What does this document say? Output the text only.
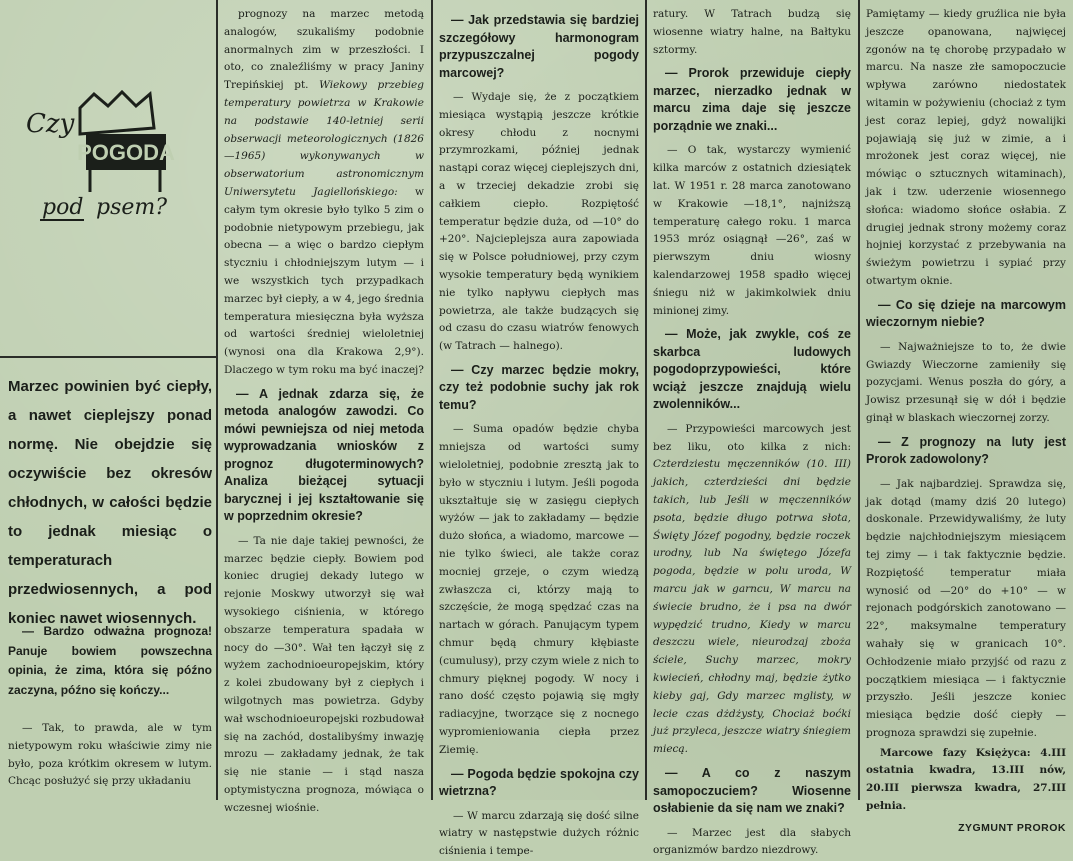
Czy
POGODA
pod psem?
Marzec powinien być ciepły, a nawet cieplejszy ponad normę. Nie obejdzie się oczywiście bez okresów chłodnych, w całości będzie to jednak miesiąc o temperaturach przedwiosennych, a pod koniec nawet wiosennych.

— Bardzo odważna prognoza! Panuje bowiem powszechna opinia, że zima, która się późno zaczyna, późno się kończy...

— Tak, to prawda, ale w tym nietypowym roku właściwie zimy nie było, poza krótkim okresem w lutym. Chcąc posłużyć się przy układaniu

prognozy na marzec metodą analogów, szukaliśmy podobnie anormalnych zim w przeszłości. I oto, co znaleźliśmy w pracy Janiny Trepińskiej pt. Wiekowy przebieg temperatury powietrza w Krakowie na podstawie 140-letniej serii obserwacji meteorologicznych (1826—1965) wykonywanych w obserwatorium astronomicznym Uniwersytetu Jagiellońskiego: w całym tym okresie było tylko 5 zim o podobnie nietypowym przebiegu, jak obecna — a więc o bardzo ciepłym styczniu i chłodniejszym lutym — i we wszystkich tych przypadkach marzec był ciepły, a w 4, jego średnia temperatura miesięczna była wyższa od wartości średniej wieloletniej (wynosi ona dla Krakowa 2,9°). Dlaczego w tym roku ma być inaczej?

— A jednak zdarza się, że metoda analogów zawodzi. Co mówi pewniejsza od niej metoda wyprowadzania wniosków z prognoz długoterminowych? Analiza bieżącej sytuacji barycznej i jej kształtowanie się w poprzednim okresie?

— Ta nie daje takiej pewności, że marzec będzie ciepły. Bowiem pod koniec drugiej dekady lutego w rejonie Moskwy utworzył się wał wysokiego ciśnienia, w którego obszarze temperatura spadała w nocy do —30°. Wał ten łączył się z wyżem zachodnioeuropejskim, który z kolei zbudowany był z ciepłych i wilgotnych mas powietrza. Gdyby wał wschodnioeuropejski rozbudował się na zachód, dostalibyśmy inwazję mrozu — zakładamy jednak, że tak się nie stanie — i stąd nasza optymistyczna prognoza, mówiąca o wczesnej wiośnie.

— Jak przedstawia się bardziej szczegółowy harmonogram przypuszczalnej pogody marcowej?

— Wydaje się, że z początkiem miesiąca wystąpią jeszcze krótkie okresy chłodu z nocnymi przymrozkami, później jednak nastąpi coraz więcej cieplejszych dni, a w trzeciej dekadzie zrobi się całkiem ciepło. Rozpiętość temperatur będzie duża, od —10° do +20°. Najcieplejsza aura zapowiada się w Polsce południowej, przy czym wysokie temperatury będą wynikiem nie tylko napływu ciepłych mas powietrza, ale także budzących się od czasu do czasu wiatrów fenowych (w Tatrach — halnego).

— Czy marzec będzie mokry, czy też podobnie suchy jak rok temu?

— Suma opadów będzie chyba mniejsza od wartości sumy wieloletniej, podobnie zresztą jak to było w styczniu i lutym. Jeśli pogoda ukształtuje się w zasięgu ciepłych wyżów — jak to zakładamy — będzie dużo słońca, a wiadomo, marcowe — nie tylko świeci, ale także coraz mocniej grzeje, o czym wiedzą zwłaszcza ci, którzy mają to szczęście, że mogą spędzać czas na nartach w górach. Panującym typem chmur będą chmury kłębiaste (cumulusy), przy czym wiele z nich to chmury pięknej pogody. W nocy i rano dość często pojawią się mgły radiacyjne, tworzące się z nocnego wypromieniowania ciepła przez Ziemię.

— Pogoda będzie spokojna czy wietrzna?

— W marcu zdarzają się dość silne wiatry w następstwie dużych różnic ciśnienia i tempe-

ratury. W Tatrach budzą się wiosenne wiatry halne, na Bałtyku sztormy.

— Prorok przewiduje ciepły marzec, nierzadko jednak w marcu zima daje się jeszcze porządnie we znaki...

— O tak, wystarczy wymienić kilka marców z ostatnich dziesiątek lat. W 1951 r. 28 marca zanotowano w Krakowie —18,1°, najniższą temperaturę całego roku. 1 marca 1953 mróz osiągnął —26°, zaś w pierwszym dniu wiosny kalendarzowej 1958 spadło więcej śniegu niż w jakimkolwiek dniu minionej zimy.

— Może, jak zwykle, coś ze skarbca ludowych pogodoprzypowieści, które wciąż jeszcze znajdują wielu zwolenników...

— Przypowieści marcowych jest bez liku, oto kilka z nich: Czterdziestu męczenników (10. III) jakich, czterdzieści dni będzie takich, lub Jeśli w męczenników psota, będzie długo potrwa słota, Święty Józef pogodny, będzie roczek urodny, lub Na świętego Józefa pogoda, będzie w polu uroda, W marcu jak w garncu, W marcu na świecie brudno, że i psa na dwór wypędzić trudno, Kiedy w marcu deszczu wiele, nieurodzaj zboża ściele, Suchy marzec, mokry kwiecień, chłodny maj, będzie żytko kieby gaj, Gdy marzec mglisty, w lecie czas dżdżysty, Chociaż boćki już przyleca, jeszcze wiatry śniegiem miecą.

— A co z naszym samopoczuciem? Wiosenne osłabienie da się nam we znaki?

— Marzec jest dla słabych organizmów bardzo niezdrowy.

Pamiętamy — kiedy gruźlica nie była jeszcze opanowana, najwięcej zgonów na tę chorobę przypadało w marcu. Na nasze złe samopoczucie wpływa zarówno niedostatek witamin w pożywieniu (chociaż z tym jest coraz lepiej, gdyż nowalijki pojawiają się już w zimie, a i mrożonek jest coraz więcej, nie mówiąc o sztucznych witaminach), jak i tzw. uderzenie wiosennego słońca: wiadomo słońce osłabia. Z drugiej jednak strony możemy coraz hojniej korzystać z przebywania na świeżym powietrzu i sypiać przy otwartym oknie.

— Co się dzieje na marcowym wieczornym niebie?

— Najważniejsze to to, że dwie Gwiazdy Wieczorne zamieniły się pozycjami. Wenus poszła do góry, a Jowisz przesunął się w dół i będzie ginął w blaskach wieczornej zorzy.

— Z prognozy na luty jest Prorok zadowolony?

— Jak najbardziej. Sprawdza się, jak dotąd (mamy dziś 20 lutego) doskonale. Przewidywaliśmy, że luty będzie najchłodniejszym miesiącem tej zimy — i tak faktycznie będzie. Rozpiętość temperatur miała wynosić od —20° do +10° — w rejonach podgórskich zanotowano —22°, maksymalne temperatury wahały się w granicach 10°. Ochłodzenie miało przyjść od razu z początkiem miesiąca — i faktycznie przyszło. Jeśli jeszcze koniec miesiąca będzie dość ciepły — prognoza sprawdzi się zupełnie.

Marcowe fazy Księżyca: 4.III ostatnia kwadra, 13.III nów, 20.III pierwsza kwadra, 27.III pełnia.

ZYGMUNT PROROK
